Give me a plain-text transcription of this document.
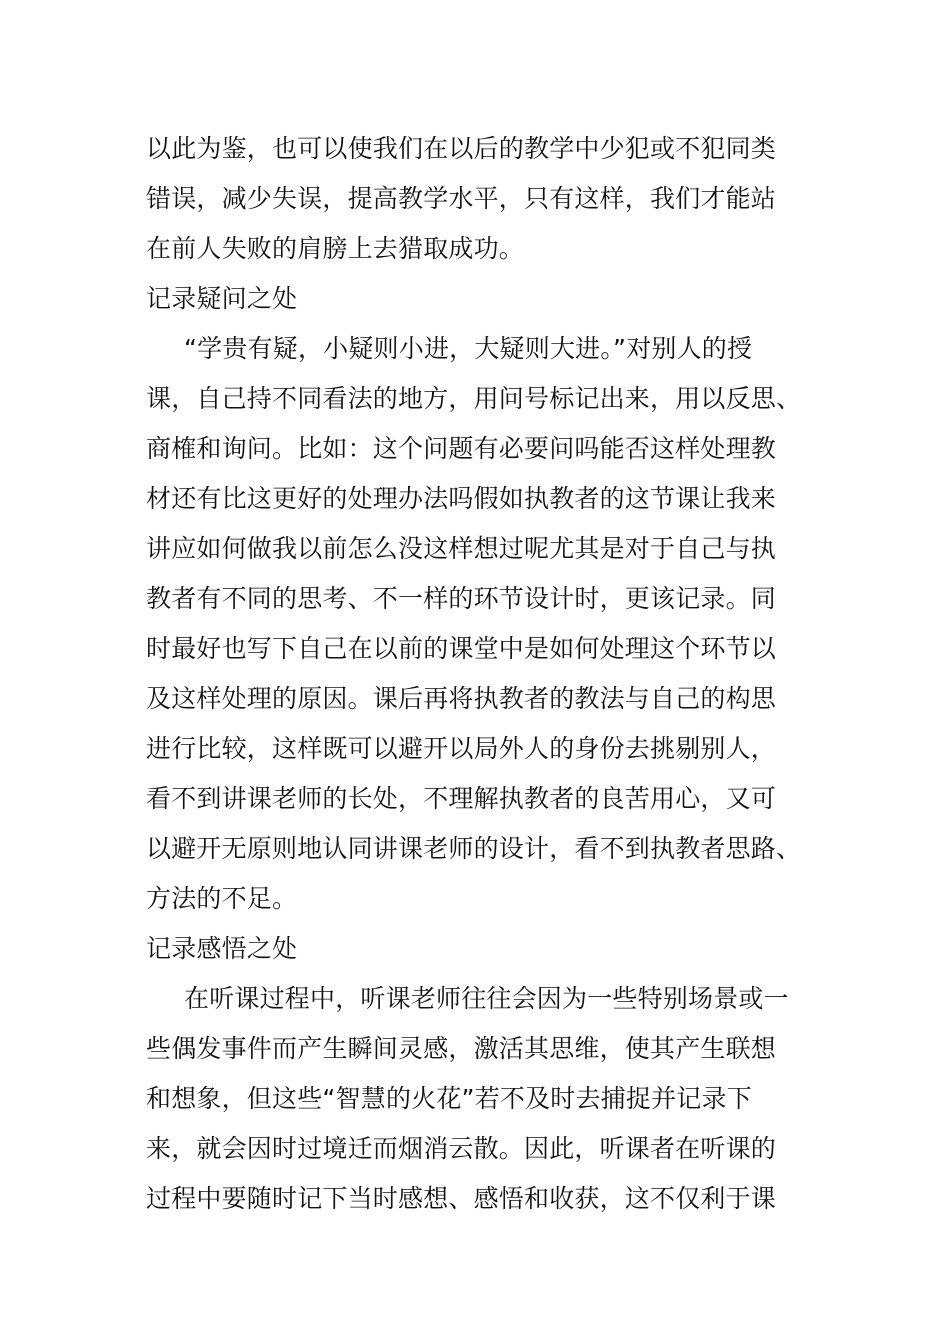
以此为鉴，也可以使我们在以后的教学中少犯或不犯同类

错误，减少失误，提高教学水平，只有这样，我们才能站

在前人失败的肩膀上去猎取成功。

记录疑问之处

“学贵有疑，小疑则小进，大疑则大进。”对别人的授

课，自己持不同看法的地方，用问号标记出来，用以反思、

商榷和询问。比如：这个问题有必要问吗能否这样处理教

材还有比这更好的处理办法吗假如执教者的这节课让我来

讲应如何做我以前怎么没这样想过呢尤其是对于自己与执

教者有不同的思考、不一样的环节设计时，更该记录。同

时最好也写下自己在以前的课堂中是如何处理这个环节以

及这样处理的原因。课后再将执教者的教法与自己的构思

进行比较，这样既可以避开以局外人的身份去挑剔别人，

看不到讲课老师的长处，不理解执教者的良苦用心，又可

以避开无原则地认同讲课老师的设计，看不到执教者思路、

方法的不足。

记录感悟之处

在听课过程中，听课老师往往会因为一些特别场景或一

些偶发事件而产生瞬间灵感，激活其思维，使其产生联想

和想象，但这些“智慧的火花”若不及时去捕捉并记录下

来，就会因时过境迁而烟消云散。因此，听课者在听课的

过程中要随时记下当时感想、感悟和收获，这不仅利于课
